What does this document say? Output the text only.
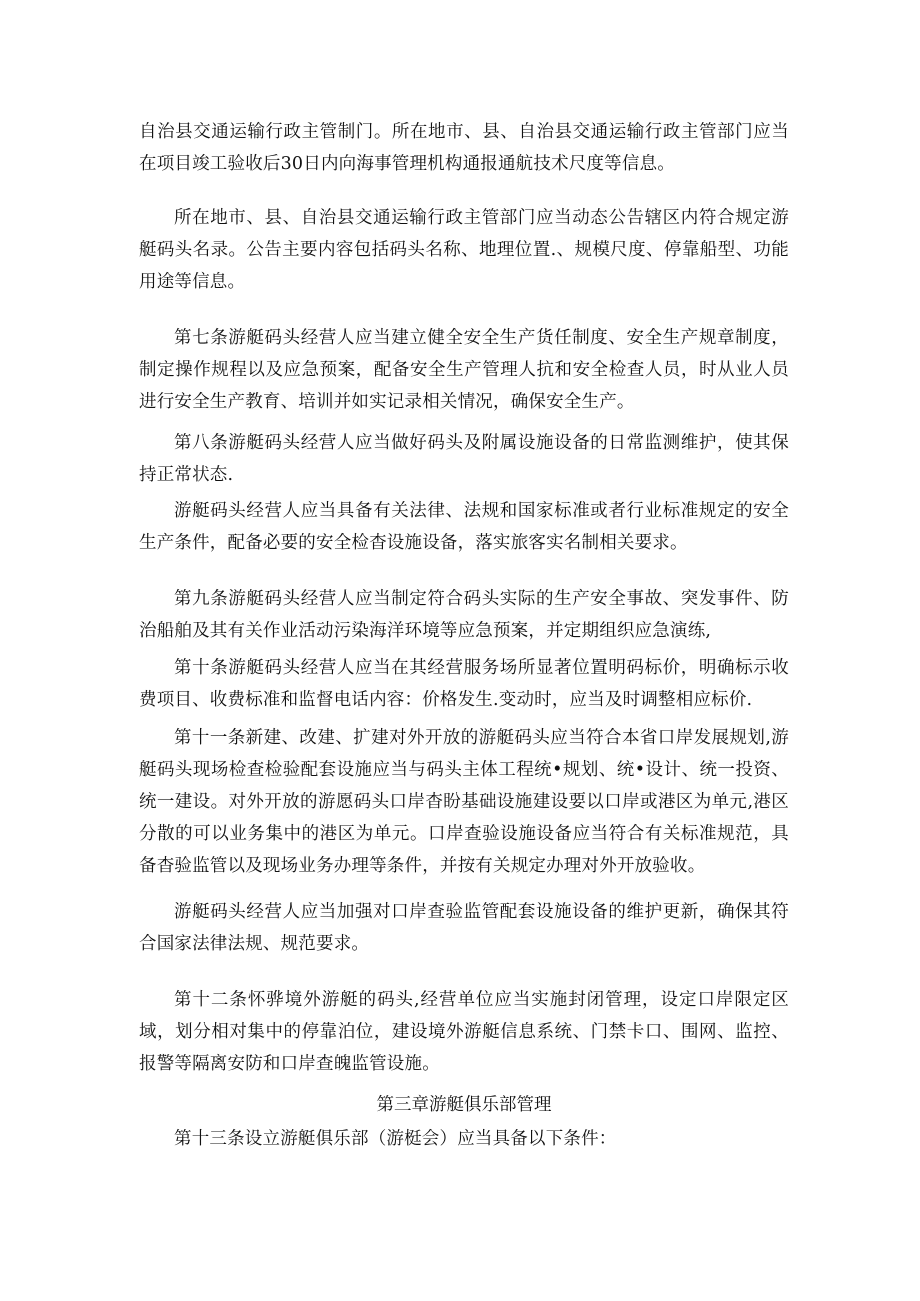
自治县交通运输行政主管制门。所在地市、县、自治县交通运输行政主管部门应当在项目竣工验收后30日内向海事管理机构通报通航技术尺度等信息。

所在地市、县、自治县交通运输行政主管部门应当动态公告辖区内符合规定游艇码头名录。公告主要内容包括码头名称、地理位置.、规模尺度、停靠船型、功能用途等信息。

第七条游艇码头经营人应当建立健全安全生产货任制度、安全生产规章制度，制定操作规程以及应急预案，配备安全生产管理人抗和安全检查人员，时从业人员进行安全生产教育、培训并如实记录相关情况，确保安全生产。

第八条游艇码头经营人应当做好码头及附属设施设备的日常监测维护，使其保持正常状态.

游艇码头经营人应当具备有关法律、法规和国家标准或者行业标准规定的安全生产条件，配备必要的安全检杳设施设备，落实旅客实名制相关要求。

第九条游艇码头经营人应当制定符合码头实际的生产安全事故、突发事件、防治船舶及其有关作业活动污染海洋环境等应急预案，并定期组织应急演练,

第十条游艇码头经营人应当在其经营服务场所显著位置明码标价，明确标示收费项目、收费标准和监督电话内容：价格发生.变动时，应当及时调整相应标价.

第十一条新建、改建、扩建对外开放的游艇码头应当符合本省口岸发展规划,游艇码头现场检查检验配套设施应当与码头主体工程统•规划、统•设计、统一投资、统一建设。对外开放的游愿码头口岸杳盼基础设施建设要以口岸或港区为单元,港区分散的可以业务集中的港区为单元。口岸查验设施设备应当符合有关标准规范，具备杳验监管以及现场业务办理等条件，并按有关规定办理对外开放验收。

游艇码头经营人应当加强对口岸查验监管配套设施设备的维护更新，确保其符合国家法律法规、规范要求。

第十二条怀骅境外游艇的码头,经营单位应当实施封闭管理，设定口岸限定区域，划分相对集中的停靠泊位，建设境外游艇信息系统、门禁卡口、围网、监控、报警等隔离安防和口岸查魄监管设施。

第三章游艇俱乐部管理

第十三条设立游艇俱乐部（游梃会）应当具备以下条件：
